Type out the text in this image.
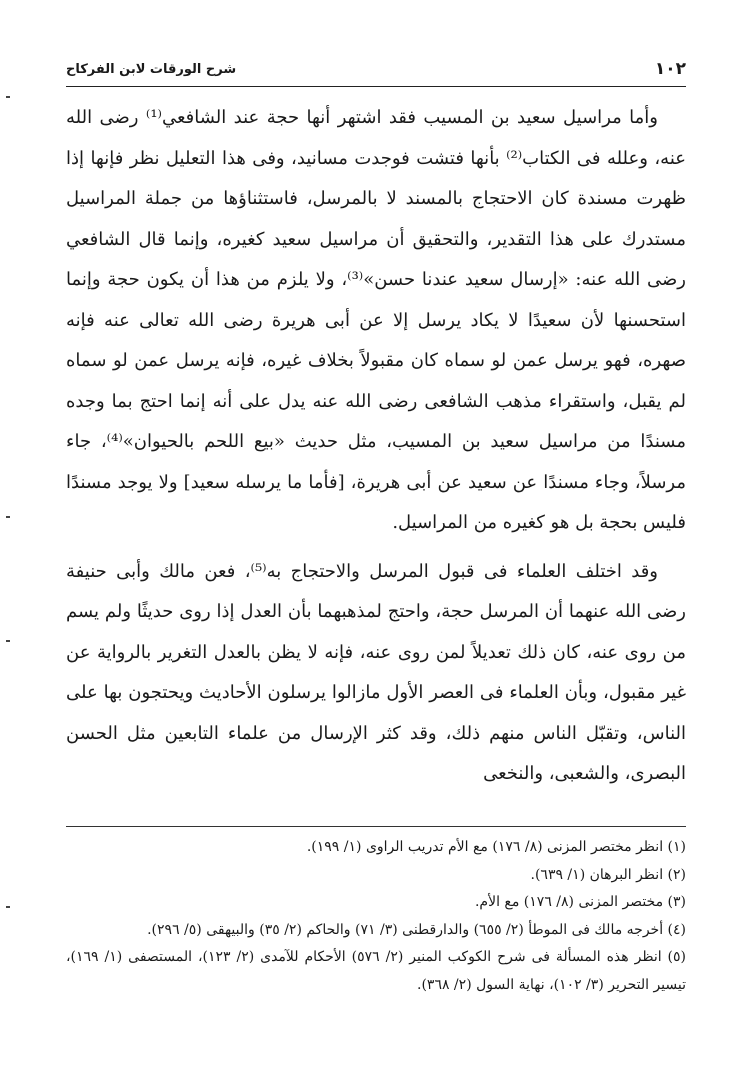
١٠٢
شرح الورقات لابن الفركاح

وأما مراسيل سعيد بن المسيب فقد اشتهر أنها حجة عند الشافعي⁽¹⁾ رضى الله عنه، وعلله فى الكتاب⁽²⁾ بأنها فتشت فوجدت مسانيد، وفى هذا التعليل نظر فإنها إذا ظهرت مسندة كان الاحتجاج بالمسند لا بالمرسل، فاستثناؤها من جملة المراسيل مستدرك على هذا التقدير، والتحقيق أن مراسيل سعيد كغيره، وإنما قال الشافعي رضى الله عنه: «إرسال سعيد عندنا حسن»⁽³⁾، ولا يلزم من هذا أن يكون حجة وإنما استحسنها لأن سعيدًا لا يكاد يرسل إلا عن أبى هريرة رضى الله تعالى عنه فإنه صهره، فهو يرسل عمن لو سماه كان مقبولاً بخلاف غيره، فإنه يرسل عمن لو سماه لم يقبل، واستقراء مذهب الشافعى رضى الله عنه يدل على أنه إنما احتج بما وجده مسندًا من مراسيل سعيد بن المسيب، مثل حديث «بيع اللحم بالحيوان»⁽⁴⁾، جاء مرسلاً، وجاء مسندًا عن سعيد عن أبى هريرة، [فأما ما يرسله سعيد] ولا يوجد مسندًا فليس بحجة بل هو كغيره من المراسيل.

وقد اختلف العلماء فى قبول المرسل والاحتجاج به⁽⁵⁾، فعن مالك وأبى حنيفة رضى الله عنهما أن المرسل حجة، واحتج لمذهبهما بأن العدل إذا روى حديثًا ولم يسم من روى عنه، كان ذلك تعديلاً لمن روى عنه، فإنه لا يظن بالعدل التغرير بالرواية عن غير مقبول، وبأن العلماء فى العصر الأول مازالوا يرسلون الأحاديث ويحتجون بها على الناس، وتقبّل الناس منهم ذلك، وقد كثر الإرسال من علماء التابعين مثل الحسن البصرى، والشعبى، والنخعى

(١) انظر مختصر المزنى (٨/ ١٧٦) مع الأم تدريب الراوى (١/ ١٩٩).

(٢) انظر البرهان (١/ ٦٣٩).

(٣) مختصر المزنى (٨/ ١٧٦) مع الأم.

(٤) أخرجه مالك فى الموطأ (٢/ ٦٥٥) والدارقطنى (٣/ ٧١) والحاكم (٢/ ٣٥) والبيهقى (٥/ ٢٩٦).

(٥) انظر هذه المسألة فى شرح الكوكب المنير (٢/ ٥٧٦) الأحكام للآمدى (٢/ ١٢٣)، المستصفى (١/ ١٦٩)، تيسير التحرير (٣/ ١٠٢)، نهاية السول (٢/ ٣٦٨).
